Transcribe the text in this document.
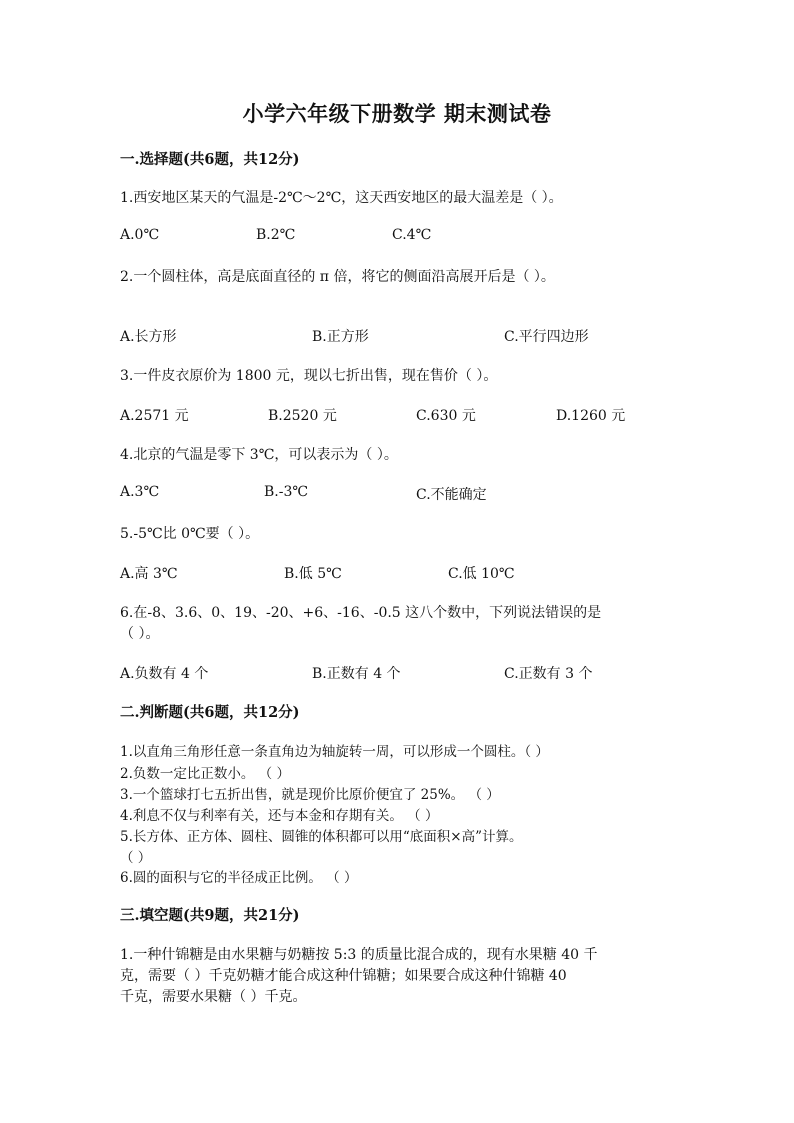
小学六年级下册数学 期末测试卷
一.选择题(共6题，共12分)
1.西安地区某天的气温是-2℃～2℃，这天西安地区的最大温差是（ ）。
A.0℃	B.2℃	C.4℃
2.一个圆柱体，高是底面直径的 π 倍，将它的侧面沿高展开后是（ ）。
A.长方形	B.正方形	C.平行四边形
3.一件皮衣原价为 1800 元，现以七折出售，现在售价（ ）。
A.2571 元	B.2520 元	C.630 元	D.1260 元
4.北京的气温是零下 3℃，可以表示为（ ）。
A.3℃	B.-3℃	C.不能确定
5.-5℃比 0℃要（ ）。
A.高 3℃	B.低 5℃	C.低 10℃
6.在-8、3.6、0、19、-20、+6、-16、-0.5 这八个数中，下列说法错误的是
（ ）。
A.负数有 4 个	B.正数有 4 个	C.正数有 3 个
二.判断题(共6题，共12分)
1.以直角三角形任意一条直角边为轴旋转一周，可以形成一个圆柱。（ ）
2.负数一定比正数小。 （ ）
3.一个篮球打七五折出售，就是现价比原价便宜了 25%。 （ ）
4.利息不仅与利率有关，还与本金和存期有关。 （ ）
5.长方体、正方体、圆柱、圆锥的体积都可以用“底面积×高”计算。
（ ）
6.圆的面积与它的半径成正比例。 （ ）
三.填空题(共9题，共21分)
1.一种什锦糖是由水果糖与奶糖按 5:3 的质量比混合成的，现有水果糖 40 千
克，需要（ ）千克奶糖才能合成这种什锦糖；如果要合成这种什锦糖 40
千克，需要水果糖（ ）千克。
